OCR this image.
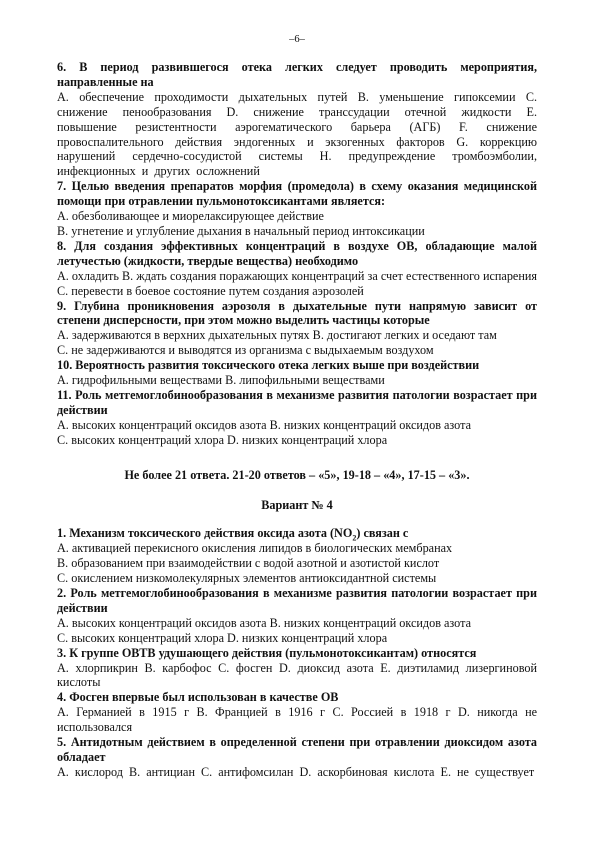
–6–
6. В период развившегося отека легких следует проводить мероприятия, направленные на
А. обеспечение проходимости дыхательных путей В. уменьшение гипоксемии С. снижение пенообразования D. снижение транссудации отечной жидкости Е. повышение резистентности аэрогематического барьера (АГБ) F. снижение провоспалительного действия эндогенных и экзогенных факторов G. коррекцию нарушений сердечно-сосудистой системы Н. предупреждение тромбоэмболии, инфекционных и других осложнений
7. Целью введения препаратов морфия (промедола) в схему оказания медицинской помощи при отравлении пульмонотоксикантами является:
А. обезболивающее и миорелаксирующее действие
В. угнетение и углубление дыхания в начальный период интоксикации
8. Для создания эффективных концентраций в воздухе ОВ, обладающие малой летучестью (жидкости, твердые вещества) необходимо
А. охладить В. ждать создания поражающих концентраций за счет естественного испарения С. перевести в боевое состояние путем создания аэрозолей
9. Глубина проникновения аэрозоля в дыхательные пути напрямую зависит от степени дисперсности, при этом можно выделить частицы которые
А. задерживаются в верхних дыхательных путях В. достигают легких и оседают там
С. не задерживаются и выводятся из организма с выдыхаемым воздухом
10. Вероятность развития токсического отека легких выше при воздействии
А. гидрофильными веществами В. липофильными веществами
11. Роль метгемоглобинообразования в механизме развития патологии возрастает при действии
А. высоких концентраций оксидов азота В. низких концентраций оксидов азота
С. высоких концентраций хлора D. низких концентраций хлора
Не более 21 ответа. 21-20 ответов – «5», 19-18 – «4», 17-15 – «3».
Вариант № 4
1. Механизм токсического действия оксида азота $(NO_2)$ связан с
А. активацией перекисного окисления липидов в биологических мембранах
В. образованием при взаимодействии с водой азотной и азотистой кислот
С. окислением низкомолекулярных элементов антиоксидантной системы
2. Роль метгемоглобинообразования в механизме развития патологии возрастает при действии
А. высоких концентраций оксидов азота В. низких концентраций оксидов азота
С. высоких концентраций хлора D. низких концентраций хлора
3. К группе ОВТВ удушающего действия (пульмонотоксикантам) относятся
А. хлорпикрин В. карбофос С. фосген D. диоксид азота Е. диэтиламид лизергиновой кислоты
4. Фосген впервые был использован в качестве ОВ
А. Германией в 1915 г В. Францией в 1916 г С. Россией в 1918 г D. никогда не использовался
5. Антидотным действием в определенной степени при отравлении диоксидом азота обладает
А. кислород В. антициан С. антифомсилан D. аскорбиновая кислота Е. не существует
